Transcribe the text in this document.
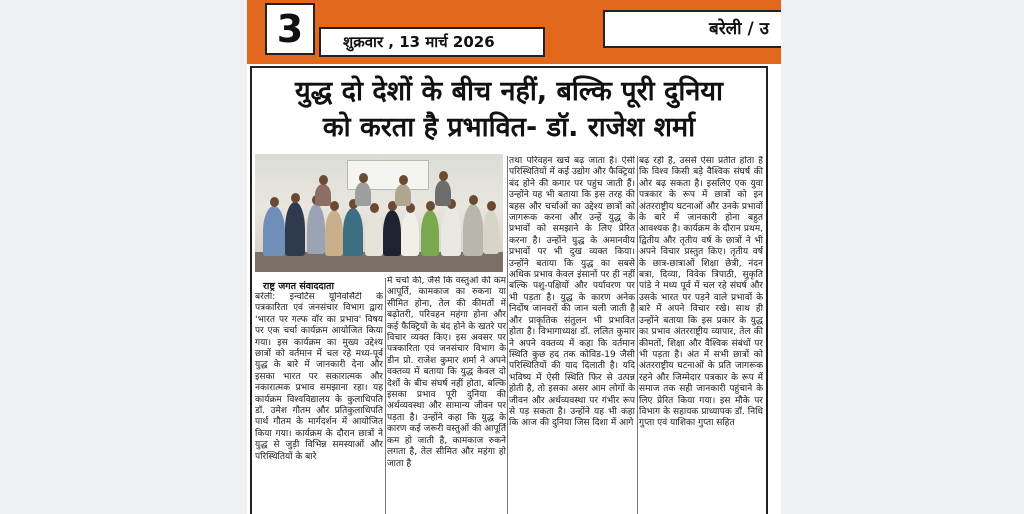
3	शुक्रवार , 13 मार्च 2026
बरेली / उ
युद्ध दो देशों के बीच नहीं, बल्कि पूरी दुनिया
को करता है प्रभावित- डॉ. राजेश शर्मा
राष्ट्र जगत संवाददाता

बरेली: इन्वर्टिस यूनिवर्सिटी के पत्रकारिता एवं जनसंचार विभाग द्वारा 'भारत पर गल्फ वॉर का प्रभाव' विषय पर एक चर्चा कार्यक्रम आयोजित किया गया। इस कार्यक्रम का मुख्य उद्देश्य छात्रों को वर्तमान में चल रहे मध्य-पूर्व युद्ध के बारे में जानकारी देना और इसका भारत पर सकारात्मक और नकारात्मक प्रभाव समझाना रहा। यह कार्यक्रम विश्वविद्यालय के कुलाधिपति डॉ. उमेश गौतम और प्रतिकुलाधिपति पार्थ गौतम के मार्गदर्शन में आयोजित किया गया। कार्यक्रम के दौरान छात्रों ने युद्ध से जुड़ी विभिन्न समस्याओं और परिस्थितियों के बारे

में चर्चा की, जैसे कि वस्तुओं की कम आपूर्ति, कामकाज का रुकना या सीमित होना, तेल की कीमतों में बढ़ोतरी, परिवहन महंगा होना और कई फैक्ट्रियों के बंद होने के खतरे पर विचार व्यक्त किए। इस अवसर पर पत्रकारिता एवं जनसंचार विभाग के डीन प्रो. राजेश कुमार शर्मा ने अपने वक्तव्य में बताया कि युद्ध केवल दो देशों के बीच संघर्ष नहीं होता, बल्कि इसका प्रभाव पूरी दुनिया की अर्थव्यवस्था और सामान्य जीवन पर पड़ता है। उन्होंने कहा कि युद्ध के कारण कई जरूरी वस्तुओं की आपूर्ति कम हो जाती है, कामकाज रुकने लगता है, तेल सीमित और महंगा हो जाता है

तथा परिवहन खर्च बढ़ जाता है। ऐसी परिस्थितियों में कई उद्योग और फैक्ट्रियां बंद होने की कगार पर पहुंच जाती हैं। उन्होंने यह भी बताया कि इस तरह की बहस और चर्चाओं का उद्देश्य छात्रों को जागरूक करना और उन्हें युद्ध के प्रभावों को समझाने के लिए प्रेरित करना है। उन्होंने युद्ध के अमानवीय प्रभावों पर भी दुख व्यक्त किया। उन्होंने बताया कि युद्ध का सबसे अधिक प्रभाव केवल इंसानों पर ही नहीं बल्कि पशु-पक्षियों और पर्यावरण पर भी पड़ता है। युद्ध के कारण अनेक निर्दोष जानवरों की जान चली जाती है और प्राकृतिक संतुलन भी प्रभावित होता है। विभागाध्यक्ष डॉ. ललित कुमार ने अपने वक्तव्य में कहा कि वर्तमान स्थिति कुछ हद तक कोविड-19 जैसी परिस्थितियों की याद दिलाती है। यदि भविष्य में ऐसी स्थिति फिर से उत्पन्न होती है, तो इसका असर आम लोगों के जीवन और अर्थव्यवस्था पर गंभीर रूप से पड़ सकता है। उन्होंने यह भी कहा कि आज की दुनिया जिस दिशा में आगे

बढ़ रही है, उससे ऐसा प्रतीत होता है कि विश्व किसी बड़े वैश्विक संघर्ष की ओर बढ़ सकता है। इसलिए एक युवा पत्रकार के रूप में छात्रों को इन अंतरराष्ट्रीय घटनाओं और उनके प्रभावों के बारे में जानकारी होना बहुत आवश्यक है। कार्यक्रम के दौरान प्रथम, द्वितीय और तृतीय वर्ष के छात्रों ने भी अपने विचार प्रस्तुत किए। तृतीय वर्ष के छात्र-छात्राओं शिक्षा छेत्री, नंदन बत्रा, दिव्या, विवेक त्रिपाठी, सुकृति पांडे ने मध्य पूर्व में चल रहे संघर्ष और उसके भारत पर पड़ने वाले प्रभावों के बारे में अपने विचार रखे। साथ ही उन्होंने बताया कि इस प्रकार के युद्ध का प्रभाव अंतरराष्ट्रीय व्यापार, तेल की कीमतों, शिक्षा और वैश्विक संबंधों पर भी पड़ता है। अंत में सभी छात्रों को अंतरराष्ट्रीय घटनाओं के प्रति जागरूक रहने और जिम्मेदार पत्रकार के रूप में समाज तक सही जानकारी पहुंचाने के लिए प्रेरित किया गया। इस मौके पर विभाग के सहायक प्राध्यापक डॉ. निधि गुप्ता एवं याशिका गुप्ता सहित
